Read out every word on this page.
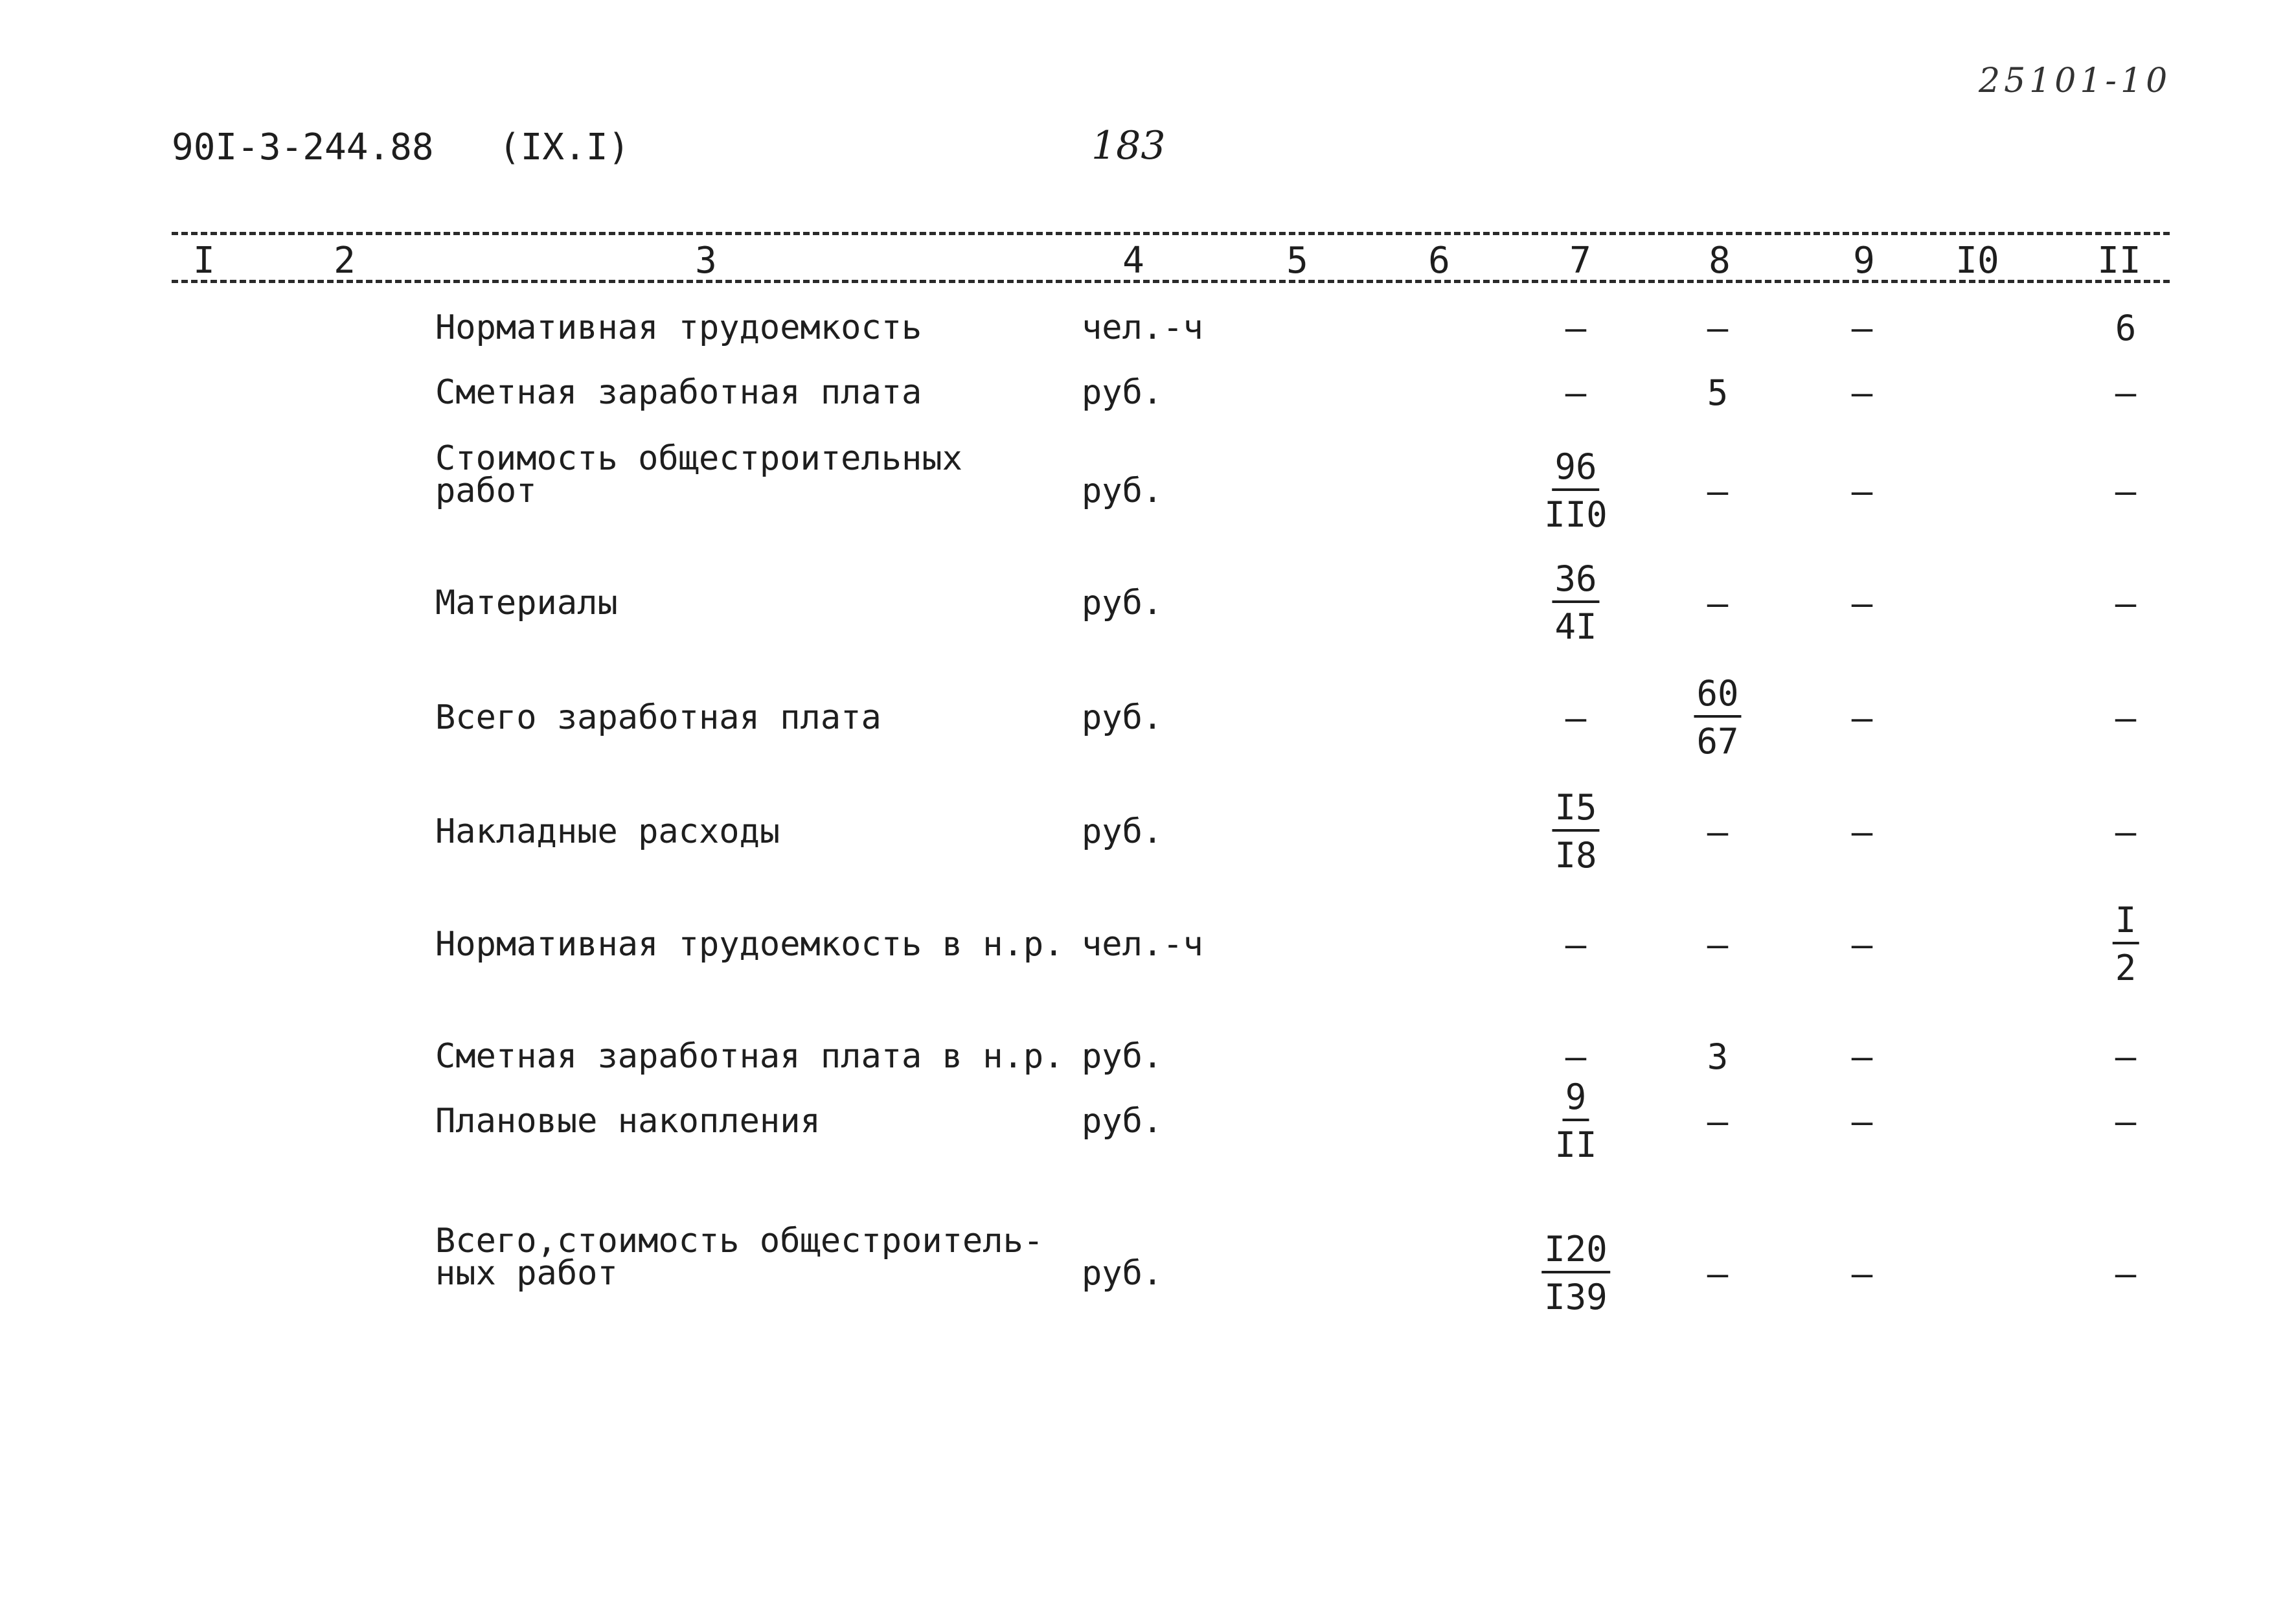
90I-3-244.88 (IX.I)	183
25101-10
I	2	3	4	5	6	7	8	9 I0	II
Нормативная трудоемкость	чел.-ч	–	–	–	6
Сметная заработная плата	руб.	–	5	–	–
Стоимость общестроительных
работ	руб.	$\frac{96}{II0}$	–	–	–
Материалы	руб.	$\frac{36}{4I}$	–	–	–
Всего заработная плата	руб.	–	$\frac{60}{67}$	–	–
Накладные расходы	руб.	$\frac{I5}{I8}$	–	–	–
Нормативная трудоемкость в н.р. чел.-ч	–	–	–	$\frac{I}{2}$
Сметная заработная плата в н.р. руб.	–	3	–	–
Плановые накопления	руб.	$\frac{9}{II}$	–	–	–
Всего,стоимость общестроитель-
ных работ	руб.	$\frac{I20}{I39}$	–	–	–
